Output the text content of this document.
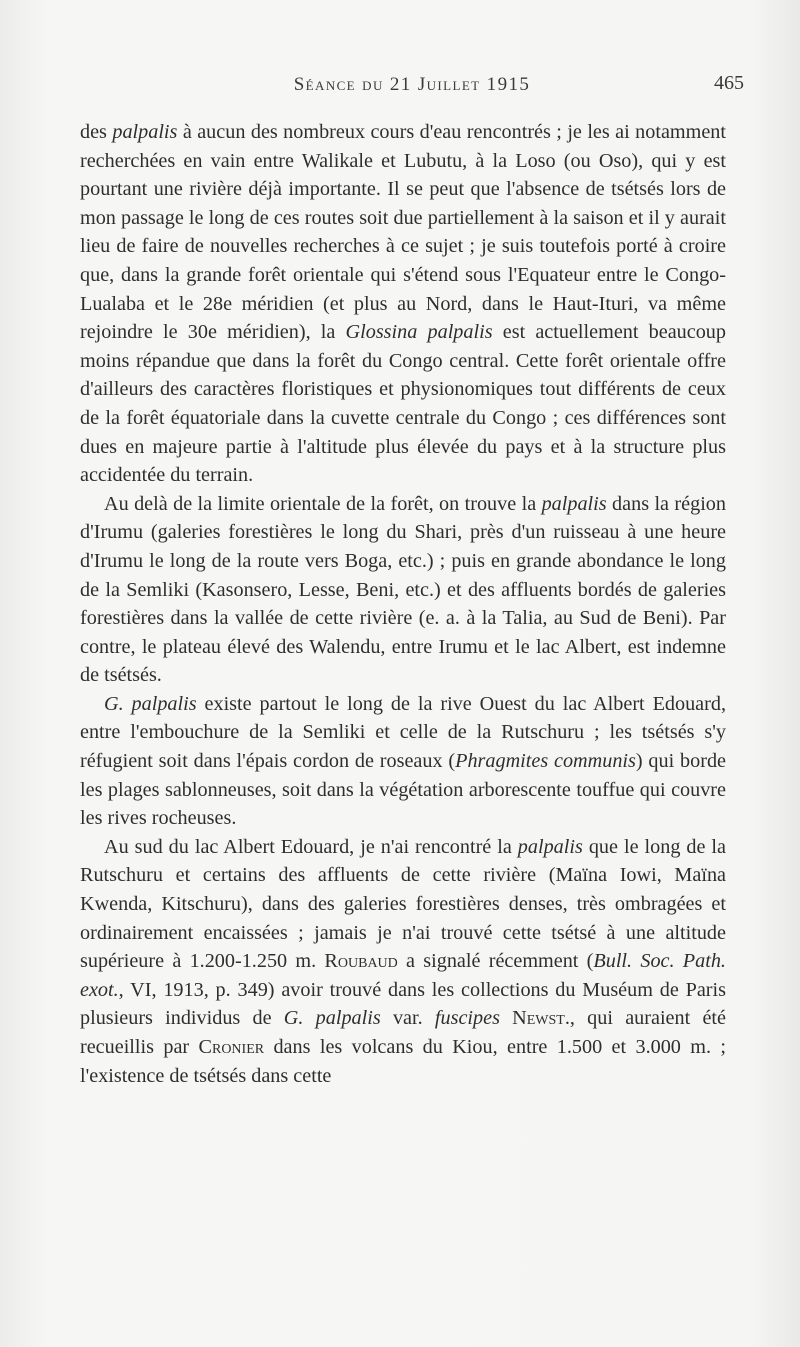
Séance du 21 Juillet 1915	465

des palpalis à aucun des nombreux cours d'eau rencontrés ; je les ai notamment recherchées en vain entre Walikale et Lubutu, à la Loso (ou Oso), qui y est pourtant une rivière déjà importante. Il se peut que l'absence de tsétsés lors de mon passage le long de ces routes soit due partiellement à la saison et il y aurait lieu de faire de nouvelles recherches à ce sujet ; je suis toutefois porté à croire que, dans la grande forêt orientale qui s'étend sous l'Equateur entre le Congo-Lualaba et le 28e méridien (et plus au Nord, dans le Haut-Ituri, va même rejoindre le 30e méridien), la Glossina palpalis est actuellement beaucoup moins répandue que dans la forêt du Congo central. Cette forêt orientale offre d'ailleurs des caractères floristiques et physionomiques tout différents de ceux de la forêt équatoriale dans la cuvette centrale du Congo ; ces différences sont dues en majeure partie à l'altitude plus élevée du pays et à la structure plus accidentée du terrain.

Au delà de la limite orientale de la forêt, on trouve la palpalis dans la région d'Irumu (galeries forestières le long du Shari, près d'un ruisseau à une heure d'Irumu le long de la route vers Boga, etc.) ; puis en grande abondance le long de la Semliki (Kasonsero, Lesse, Beni, etc.) et des affluents bordés de galeries forestières dans la vallée de cette rivière (e. a. à la Talia, au Sud de Beni). Par contre, le plateau élevé des Walendu, entre Irumu et le lac Albert, est indemne de tsétsés.

G. palpalis existe partout le long de la rive Ouest du lac Albert Edouard, entre l'embouchure de la Semliki et celle de la Rutschuru ; les tsétsés s'y réfugient soit dans l'épais cordon de roseaux (Phragmites communis) qui borde les plages sablonneuses, soit dans la végétation arborescente touffue qui couvre les rives rocheuses.

Au sud du lac Albert Edouard, je n'ai rencontré la palpalis que le long de la Rutschuru et certains des affluents de cette rivière (Maïna Iowi, Maïna Kwenda, Kitschuru), dans des galeries forestières denses, très ombragées et ordinairement encaissées ; jamais je n'ai trouvé cette tsétsé à une altitude supérieure à 1.200-1.250 m. Roubaud a signalé récemment (Bull. Soc. Path. exot., VI, 1913, p. 349) avoir trouvé dans les collections du Muséum de Paris plusieurs individus de G. palpalis var. fuscipes Newst., qui auraient été recueillis par Cronier dans les volcans du Kiou, entre 1.500 et 3.000 m. ; l'existence de tsétsés dans cette
